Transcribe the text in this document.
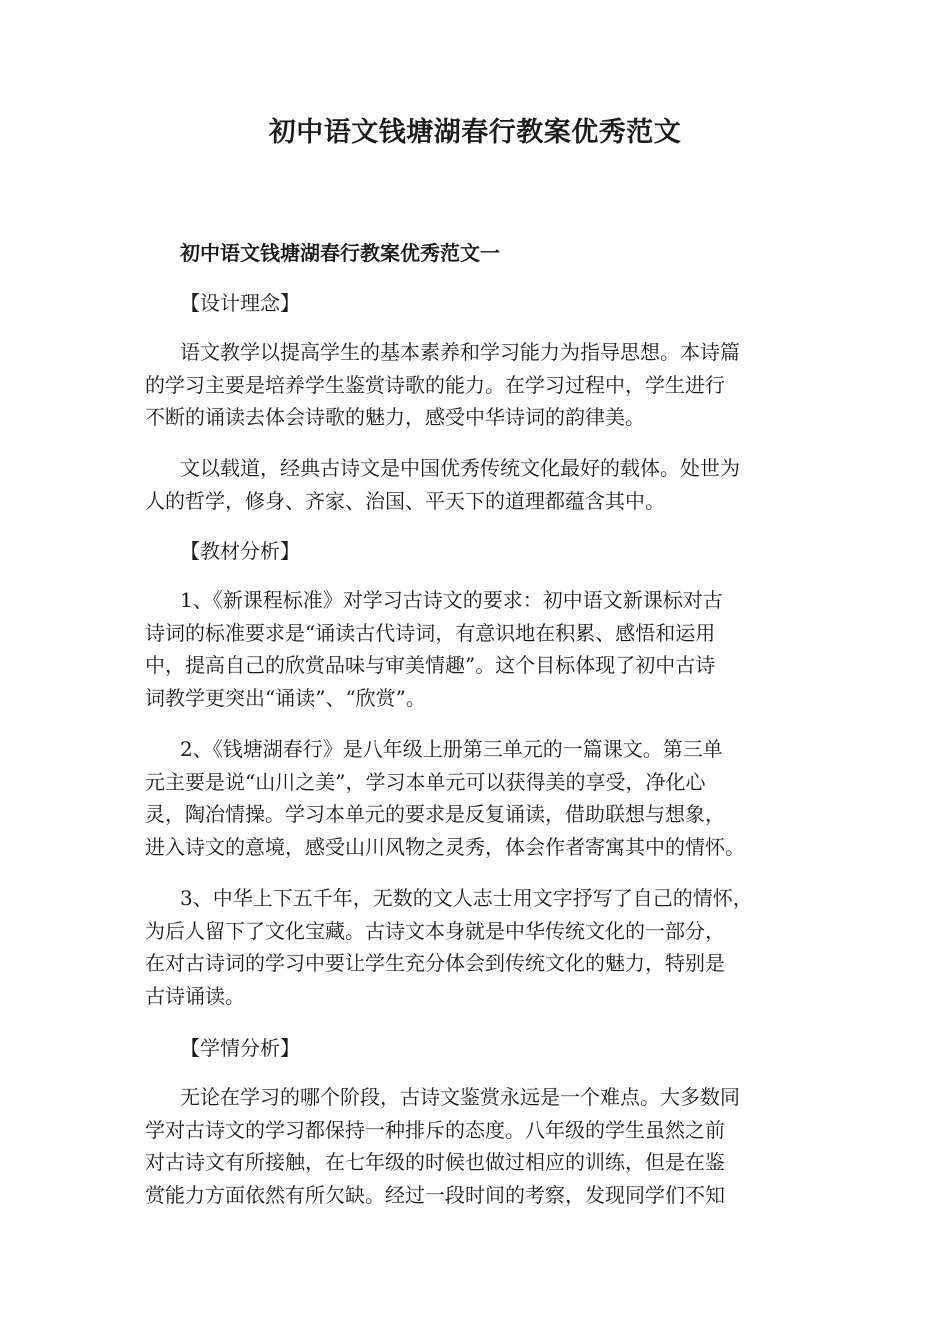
初中语文钱塘湖春行教案优秀范文
初中语文钱塘湖春行教案优秀范文一
【设计理念】
语文教学以提高学生的基本素养和学习能力为指导思想。本诗篇
的学习主要是培养学生鉴赏诗歌的能力。在学习过程中，学生进行
不断的诵读去体会诗歌的魅力，感受中华诗词的韵律美。
文以载道，经典古诗文是中国优秀传统文化最好的载体。处世为
人的哲学，修身、齐家、治国、平天下的道理都蕴含其中。
【教材分析】
1、《新课程标准》对学习古诗文的要求：初中语文新课标对古
诗词的标准要求是“诵读古代诗词，有意识地在积累、感悟和运用
中，提高自己的欣赏品味与审美情趣”。这个目标体现了初中古诗
词教学更突出“诵读”、“欣赏”。
2、《钱塘湖春行》是八年级上册第三单元的一篇课文。第三单
元主要是说“山川之美”，学习本单元可以获得美的享受，净化心
灵，陶冶情操。学习本单元的要求是反复诵读，借助联想与想象，
进入诗文的意境，感受山川风物之灵秀，体会作者寄寓其中的情怀。
3、中华上下五千年，无数的文人志士用文字抒写了自己的情怀，
为后人留下了文化宝藏。古诗文本身就是中华传统文化的一部分，
在对古诗词的学习中要让学生充分体会到传统文化的魅力，特别是
古诗诵读。
【学情分析】
无论在学习的哪个阶段，古诗文鉴赏永远是一个难点。大多数同
学对古诗文的学习都保持一种排斥的态度。八年级的学生虽然之前
对古诗文有所接触，在七年级的时候也做过相应的训练，但是在鉴
赏能力方面依然有所欠缺。经过一段时间的考察，发现同学们不知
